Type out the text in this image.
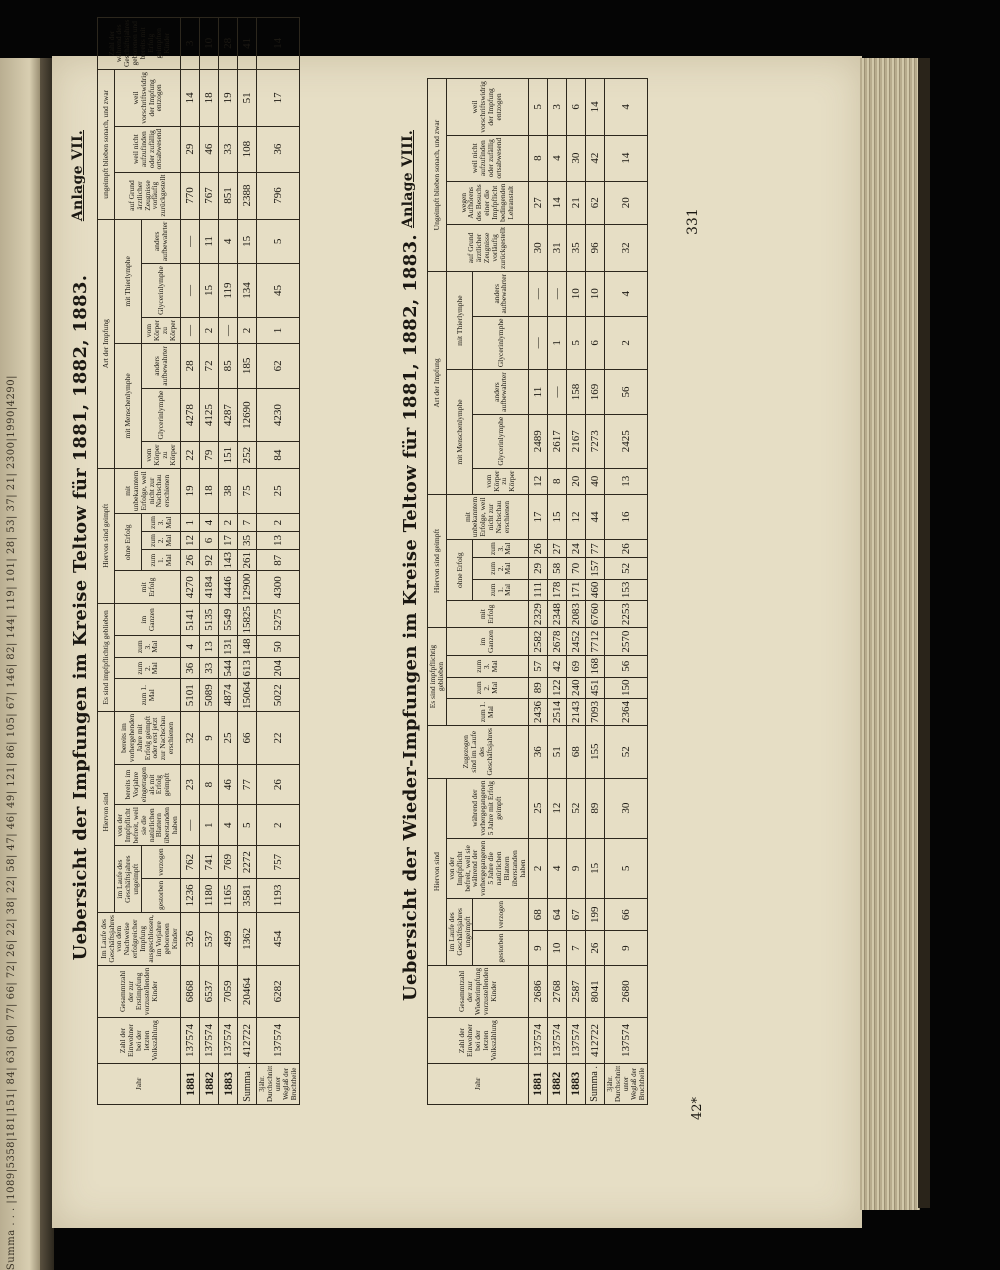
Summa . . . |1089|5358|181|151| 84| 63| 60| 77| 66| 72| 26| 22| 38| 22| 58| 47| 46| 49| 121| 86| 105| 67| 146| 82| 144| 119| 101| 28| 53| 37| 21| 2300|1990|4290|	Uebersicht der Impfungen im Kreise Teltow für 1881, 1882, 1883.
Anlage VII.
Jahr	Zahl der Einwohner bei der letzten Volkszählung	Gesammtzahl der zur Erstimpfung vorzustellenden Kinder	Im Laufe des Geschäftsjahres von dem Nachweise erfolgreicher Impfung ausgeschlossen, im Vorjahre geborenen Kinder	Hiervon sind					Es sind impfpflichtig geblieben				Hiervon sind geimpft					Art der Impfung						ungeimpft blieben sonach, und zwar			Zahl der während des Geschäftsjahres geborenen und bereits mit Erfolg geimpften Kinder
				im Laufe des Geschäftsjahres ungeimpft		von der Impfpflicht befreit, weil sie die natürlichen Blattern überstanden haben	bereits im Vorjahre eingetragen als mit Erfolg geimpft	bereits im vorhergehenden Jahre mit Erfolg geimpft oder erst jetzt zur Nachschau erschienen	zum 1. Mal	zum 2. Mal	zum 3. Mal	im Ganzen	mit Erfolg	ohne Erfolg			mit unbekanntem Erfolge, weil nicht zur Nachschau erschienen	mit Menschenlymphe			mit Thierlymphe			auf Grund ärztlicher Zeugnisse vorläufig zurückgestellt	weil nicht aufzufinden oder zufällig ortsabwesend	weil vorschriftswidrig der Impfung entzogen	
				gestorben	verzogen									zum 1. Mal	zum 2. Mal	zum 3. Mal		vom Körper zu Körper	Glycerinlymphe	anders aufbewahrter	vom Körper zu Körper	Glycerinlymphe	anders aufbewahrter				

1881	137574	6868	326	1236	762	—	23	32	5101	36	4	5141	4270	26	12	1	19	22	4278	28	—	—	—	770	29	14	3
1882	137574	6537	537	1180	741	1	8	9	5089	33	13	5135	4184	92	6	4	18	79	4125	72	2	15	11	767	46	18	10
1883	137574	7059	499	1165	769	4	46	25	4874	544	131	5549	4446	143	17	2	38	151	4287	85	—	119	4	851	33	19	28
Summa .	412722	20464	1362	3581	2272	5	77	66	15064	613	148	15825	12900	261	35	7	75	252	12690	185	2	134	15	2388	108	51	41
3jähr. Durchschnitt unter Weglaß der Bruchtheile	137574	6282	454	1193	757	2	26	22	5022	204	50	5275	4300	87	13	2	25	84	4230	62	1	45	5	796	36	17	14
Uebersicht der Wieder-Impfungen im Kreise Teltow für 1881, 1882, 1883.
Anlage VIII.
Jahr	Zahl der Einwohner bei der letzten Volkszählung	Gesammtzahl der zur Wiederimpfung vorzustellenden Kinder	Hiervon sind				Zugezogen sind im Laufe des Geschäftsjahres	Es sind impfpflichtig geblieben				Hiervon sind geimpft					Art der Impfung					Ungeimpft blieben sonach, und zwar			
			im Laufe des Geschäftsjahres ungeimpft		von der Impfpflicht befreit, weil sie während der vorhergegangenen 5 Jahre die natürlichen Blattern überstanden haben	während der vorhergegangenen 5 Jahre mit Erfolg geimpft		zum 1. Mal	zum 2. Mal	zum 3. Mal	im Ganzen	mit Erfolg	ohne Erfolg			mit unbekanntem Erfolge, weil nicht zur Nachschau erschienen	mit Menschenlymphe			mit Thierlymphe		auf Grund ärztlicher Zeugnisse vorläufig zurückgestellt	wegen Aufhörens des Besuchs einer die Impfpflicht bedingenden Lehranstalt	weil nicht aufzufinden oder zufällig ortsabwesend	weil vorschriftswidrig der Impfung entzogen
			gestorben	verzogen									zum 1. Mal	zum 2. Mal	zum 3. Mal		vom Körper zu Körper	Glycerinlymphe	anders aufbewahrter	Glycerinlymphe	anders aufbewahrter				

1881	137574	2686	9	68	2	25	36	2436	89	57	2582	2329	111	29	26	17	12	2489	11	—	—	30	27	8	5
1882	137574	2768	10	64	4	12	51	2514	122	42	2678	2348	178	58	27	15	8	2617	—	1	—	31	14	4	3
1883	137574	2587	7	67	9	52	68	2143	240	69	2452	2083	171	70	24	12	20	2167	158	5	10	35	21	30	6
Summa .	412722	8041	26	199	15	89	155	7093	451	168	7712	6760	460	157	77	44	40	7273	169	6	10	96	62	42	14
3jähr. Durchschnitt unter Weglaß der Bruchtheile	137574	2680	9	66	5	30	52	2364	150	56	2570	2253	153	52	26	16	13	2425	56	2	4	32	20	14	4
42*
331
